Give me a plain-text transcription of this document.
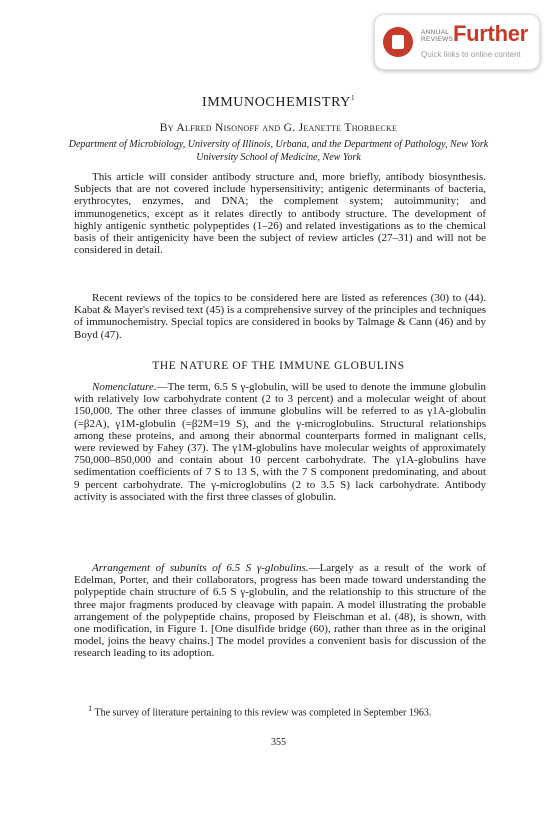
ANNUAL
REVIEWS Further
Quick links to online content
IMMUNOCHEMISTRY$^1$
By Alfred Nisonoff and G. Jeanette Thorbecke
Department of Microbiology, University of Illinois, Urbana, and the Department of Pathology, New York University School of Medicine, New York

This article will consider antibody structure and, more briefly, antibody biosynthesis. Subjects that are not covered include hypersensitivity; antigenic determinants of bacteria, erythrocytes, enzymes, and DNA; the complement system; autoimmunity; and immunogenetics, except as it relates directly to antibody structure. The development of highly antigenic synthetic polypeptides (1–26) and related investigations as to the chemical basis of their antigenicity have been the subject of review articles (27–31) and will not be considered in detail.

Recent reviews of the topics to be considered here are listed as references (30) to (44). Kabat & Mayer's revised text (45) is a comprehensive survey of the principles and techniques of immunochemistry. Special topics are considered in books by Talmage & Cann (46) and by Boyd (47).

THE NATURE OF THE IMMUNE GLOBULINS

Nomenclature.—The term, 6.5 S γ-globulin, will be used to denote the immune globulin with relatively low carbohydrate content (2 to 3 percent) and a molecular weight of about 150,000. The other three classes of immune globulins will be referred to as γ1A-globulin (=β2A), γ1M-globulin (=β2M=19 S), and the γ-microglobulins. Structural relationships among these proteins, and among their abnormal counterparts formed in malignant cells, were reviewed by Fahey (37). The γ1M-globulins have molecular weights of approximately 750,000–850,000 and contain about 10 percent carbohydrate. The γ1A-globulins have sedimentation coefficients of 7 S to 13 S, with the 7 S component predominating, and about 9 percent carbohydrate. The γ-microglobulins (2 to 3.5 S) lack carbohydrate. Antibody activity is associated with the first three classes of globulin.

Arrangement of subunits of 6.5 S γ-globulins.—Largely as a result of the work of Edelman, Porter, and their collaborators, progress has been made toward understanding the polypeptide chain structure of 6.5 S γ-globulin, and the relationship to this structure of the three major fragments produced by cleavage with papain. A model illustrating the probable arrangement of the polypeptide chains, proposed by Fleischman et al. (48), is shown, with one modification, in Figure 1. [One disulfide bridge (60), rather than three as in the original model, joins the heavy chains.] The model provides a convenient basis for discussion of the research leading to its adoption.

$^1$ The survey of literature pertaining to this review was completed in September 1963.

355
